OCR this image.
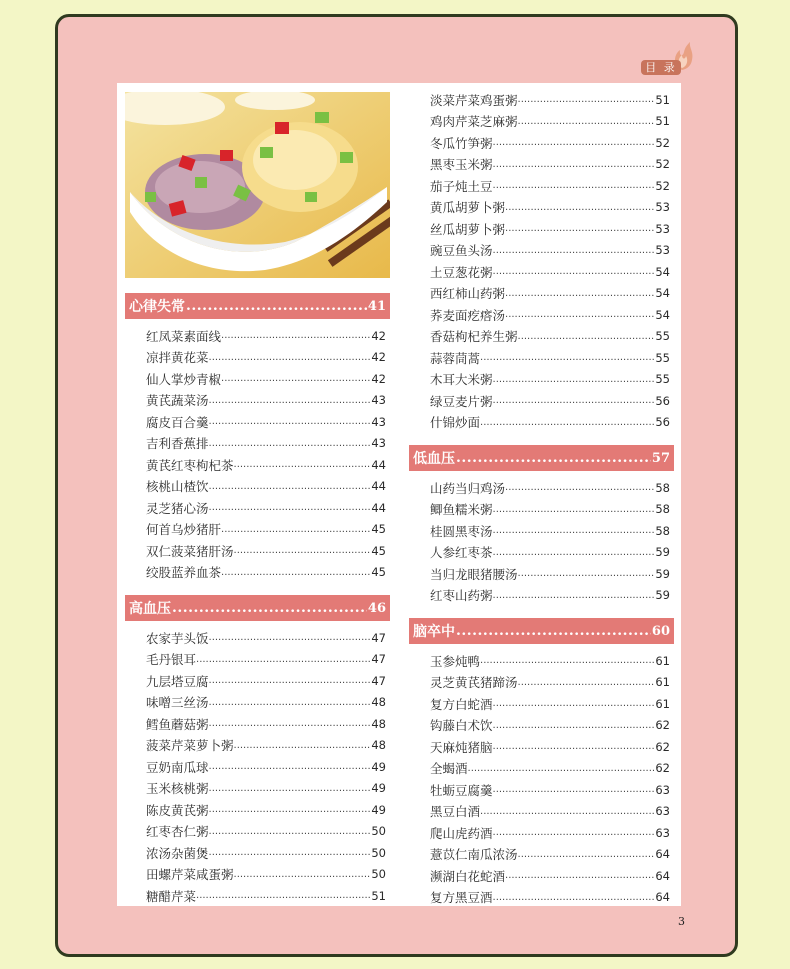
目 录
心律失常 .....	41
红凤菜素面线 .....	42
凉拌黄花菜 .....	42
仙人掌炒青椒 .....	42
黄芪蔬菜汤 .....	43
腐皮百合羹 .....	43
吉利香蕉排 .....	43
黄芪红枣枸杞茶 .....	44
核桃山楂饮 .....	44
灵芝猪心汤 .....	44
何首乌炒猪肝 .....	45
双仁菠菜猪肝汤 .....	45
绞股蓝养血茶 .....	45
高血压 .....	46
农家芋头饭 .....	47
毛丹银耳 .....	47
九层塔豆腐 .....	47
味噌三丝汤 .....	48
鳕鱼蘑菇粥 .....	48
菠菜芹菜萝卜粥 .....	48
豆奶南瓜球 .....	49
玉米核桃粥 .....	49
陈皮黄芪粥 .....	49
红枣杏仁粥 .....	50
浓汤杂菌煲 .....	50
田螺芹菜咸蛋粥 .....	50
糖醋芹菜 .....	51
淡菜芹菜鸡蛋粥 .....	51
鸡肉芹菜芝麻粥 .....	51
冬瓜竹笋粥 .....	52
黑枣玉米粥 .....	52
茄子炖土豆 .....	52
黄瓜胡萝卜粥 .....	53
丝瓜胡萝卜粥 .....	53
豌豆鱼头汤 .....	53
土豆葱花粥 .....	54
西红柿山药粥 .....	54
荞麦面疙瘩汤 .....	54
香菇枸杞养生粥 .....	55
蒜蓉茼蒿 .....	55
木耳大米粥 .....	55
绿豆麦片粥 .....	56
什锦炒面 .....	56
低血压 .....	57
山药当归鸡汤 .....	58
鲫鱼糯米粥 .....	58
桂圆黑枣汤 .....	58
人参红枣茶 .....	59
当归龙眼猪腰汤 .....	59
红枣山药粥 .....	59
脑卒中 .....	60
玉参炖鸭 .....	61
灵芝黄芪猪蹄汤 .....	61
复方白蛇酒 .....	61
钩藤白术饮 .....	62
天麻炖猪脑 .....	62
全蝎酒 .....	62
牡蛎豆腐羹 .....	63
黑豆白酒 .....	63
爬山虎药酒 .....	63
薏苡仁南瓜浓汤 .....	64
濒湖白花蛇酒 .....	64
复方黑豆酒 .....	64
3
